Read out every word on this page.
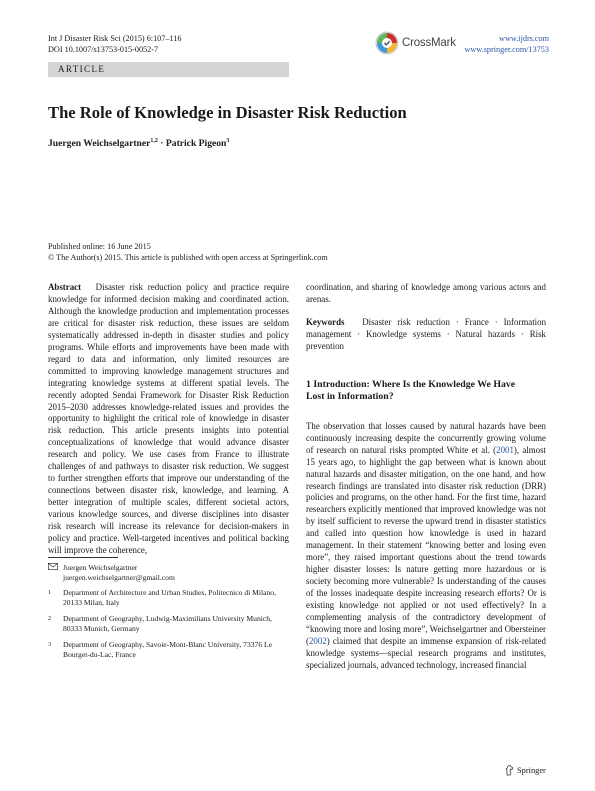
Int J Disaster Risk Sci (2015) 6:107–116
DOI 10.1007/s13753-015-0052-7
CrossMark	www.ijdrs.com
www.springer.com/13753
ARTICLE
The Role of Knowledge in Disaster Risk Reduction
Juergen Weichselgartner$^{1,2}$ · Patrick Pigeon$^3$
Published online: 16 June 2015
© The Author(s) 2015. This article is published with open access at Springerlink.com

Abstract Disaster risk reduction policy and practice require knowledge for informed decision making and coordinated action. Although the knowledge production and implementation processes are critical for disaster risk reduction, these issues are seldom systematically addressed in-depth in disaster studies and policy programs. While efforts and improvements have been made with regard to data and information, only limited resources are committed to improving knowledge management structures and integrating knowledge systems at different spatial levels. The recently adopted Sendai Framework for Disaster Risk Reduction 2015–2030 addresses knowledge-related issues and provides the opportunity to highlight the critical role of knowledge in disaster risk reduction. This article presents insights into potential conceptualizations of knowledge that would advance disaster research and policy. We use cases from France to illustrate challenges of and pathways to disaster risk reduction. We suggest to further strengthen efforts that improve our understanding of the connections between disaster risk, knowledge, and learning. A better integration of multiple scales, different societal actors, various knowledge sources, and diverse disciplines into disaster risk research will increase its relevance for decision-makers in policy and practice. Well-targeted incentives and political backing will improve the coherence,

Juergen Weichselgartner
juergen.weichselgartner@gmail.com
1	Department of Architecture and Urban Studies, Politecnico di Milano, 20133 Milan, Italy
2	Department of Geography, Ludwig-Maximilians University Munich, 80333 Munich, Germany
3	Department of Geography, Savoie-Mont-Blanc University, 73376 Le Bourget-du-Lac, France

coordination, and sharing of knowledge among various actors and arenas.

Keywords Disaster risk reduction · France · Information management · Knowledge systems · Natural hazards · Risk prevention

1 Introduction: Where Is the Knowledge We Have Lost in Information?

The observation that losses caused by natural hazards have been continuously increasing despite the concurrently growing volume of research on natural risks prompted White et al. (2001), almost 15 years ago, to highlight the gap between what is known about natural hazards and disaster mitigation, on the one hand, and how research findings are translated into disaster risk reduction (DRR) policies and programs, on the other hand. For the first time, hazard researchers explicitly mentioned that improved knowledge was not by itself sufficient to reverse the upward trend in disaster statistics and called into question how knowledge is used in hazard management. In their statement “knowing better and losing even more”, they raised important questions about the trend towards higher disaster losses: Is nature getting more hazardous or is society becoming more vulnerable? Is understanding of the causes of the losses inadequate despite increasing research efforts? Or is existing knowledge not applied or not used effectively? In a complementing analysis of the contradictory development of “knowing more and losing more”, Weichselgartner and Obersteiner (2002) claimed that despite an immense expansion of risk-related knowledge systems—special research programs and institutes, specialized journals, advanced technology, increased financial

Springer
